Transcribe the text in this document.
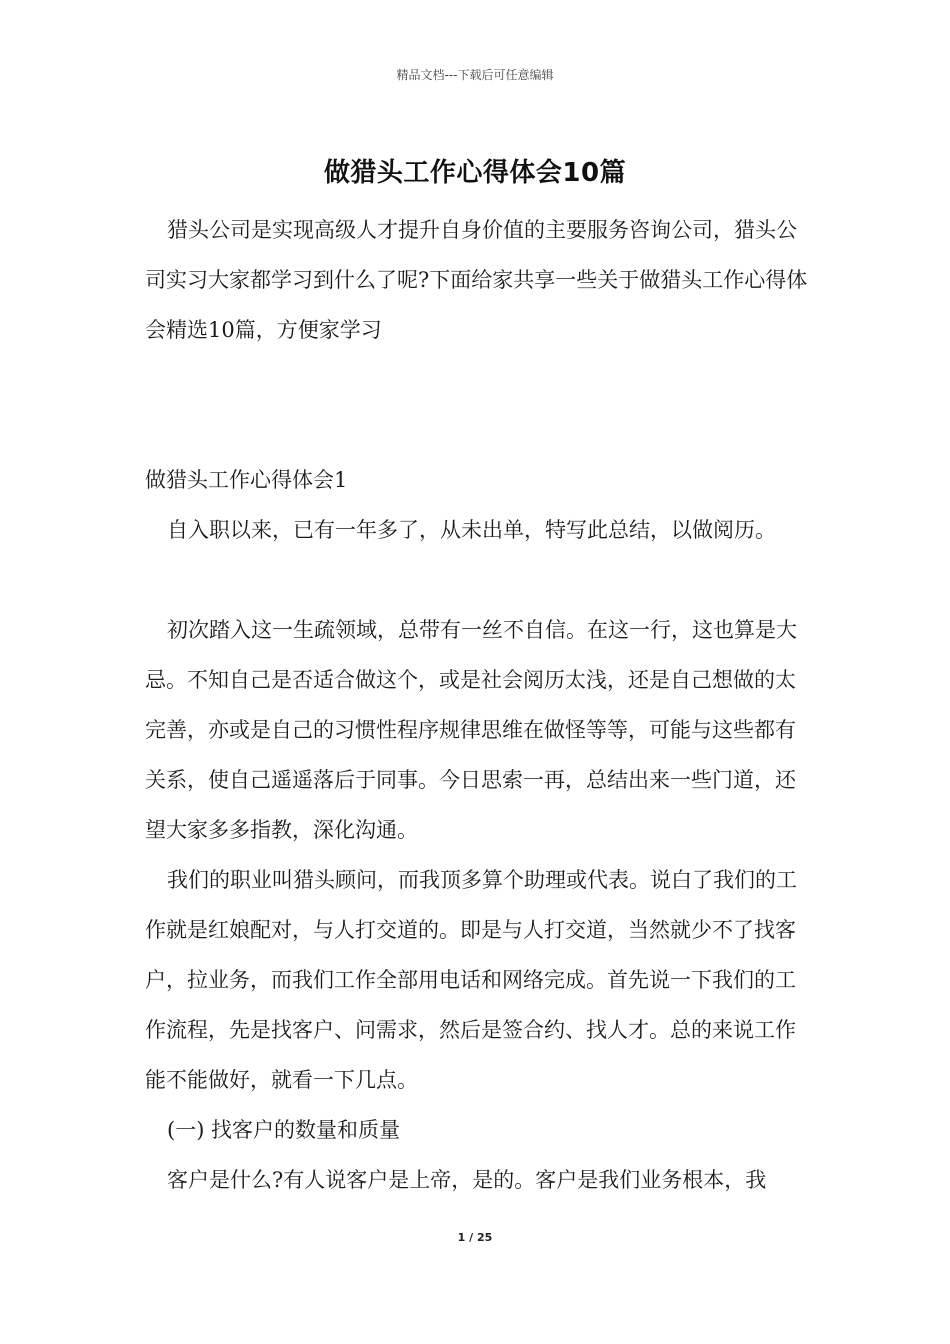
精品文档---下载后可任意编辑
做猎头工作心得体会10篇

猎头公司是实现高级人才提升自身价值的主要服务咨询公司，猎头公司实习大家都学习到什么了呢?下面给家共享一些关于做猎头工作心得体会精选10篇，方便家学习

做猎头工作心得体会1

自入职以来，已有一年多了，从未出单，特写此总结，以做阅历。

初次踏入这一生疏领域，总带有一丝不自信。在这一行，这也算是大忌。不知自己是否适合做这个，或是社会阅历太浅，还是自己想做的太完善，亦或是自己的习惯性程序规律思维在做怪等等，可能与这些都有关系，使自己遥遥落后于同事。今日思索一再，总结出来一些门道，还望大家多多指教，深化沟通。

我们的职业叫猎头顾问，而我顶多算个助理或代表。说白了我们的工作就是红娘配对，与人打交道的。即是与人打交道，当然就少不了找客户，拉业务，而我们工作全部用电话和网络完成。首先说一下我们的工作流程，先是找客户、问需求，然后是签合约、找人才。总的来说工作能不能做好，就看一下几点。

(一) 找客户的数量和质量

客户是什么?有人说客户是上帝，是的。客户是我们业务根本，我

1 / 25
